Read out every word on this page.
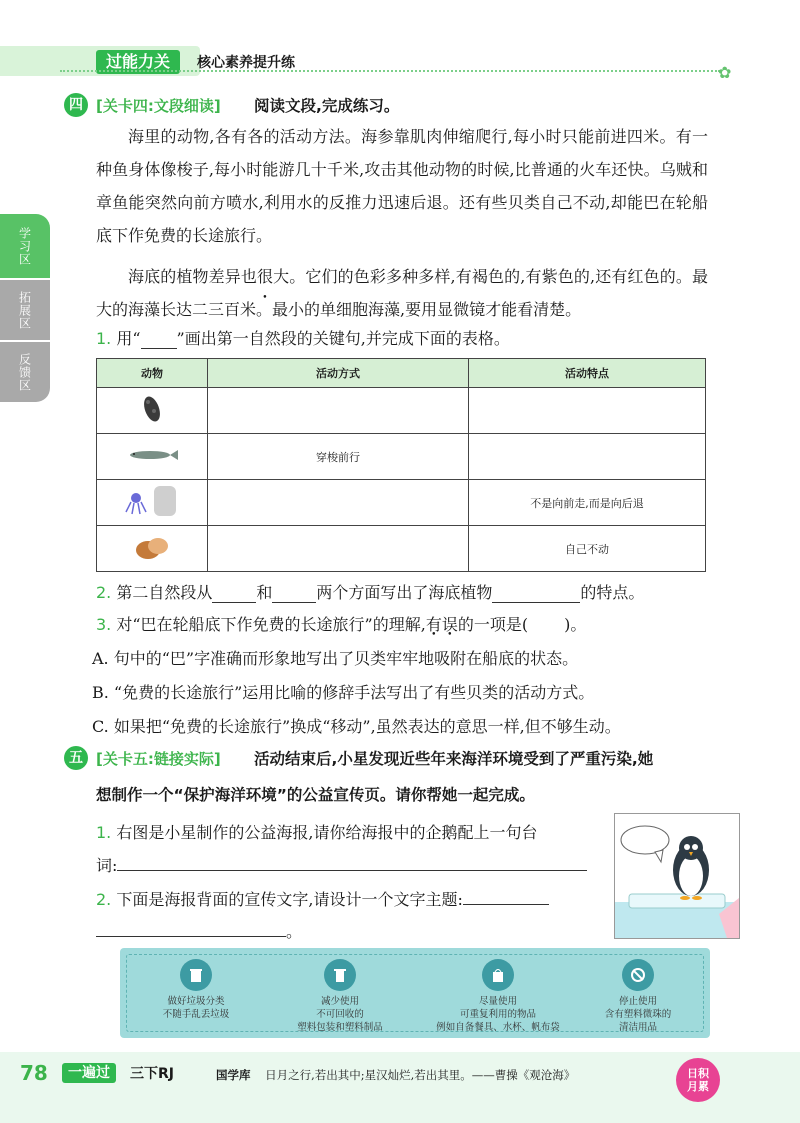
过能力关	核心素养提升练	✿
学习区
拓展区
反馈区
四 [关卡四:文段细读] 阅读文段,完成练习。

海里的动物,各有各的活动方法。海参靠肌肉伸缩爬行,每小时只能前进四米。有一种鱼身体像梭子,每小时能游几十千米,攻击其他动物的时候,比普通的火车还快。乌贼和章鱼能突然向前方喷水,利用水的反推力迅速后退。还有些贝类自己不动,却能巴在轮船底下作免费的长途旅行。

海底的植物差异也很大。它们的色彩多种多样,有褐色的,有紫色的,还有红色的。最大的海藻长达二三百米。最小的单细胞海藻,要用显微镜才能看清楚。

1. 用“ ”画出第一自然段的关键句,并完成下面的表格。
动物	活动方式	活动特点

	穿梭前行	
		不是向前走,而是向后退
		自己不动
2. 第二自然段从	和	两个方面写出了海底植物	的特点。
3. 对“巴在轮船底下作免费的长途旅行”的理解,有误的一项是( )。
A. 句中的“巴”字准确而形象地写出了贝类牢牢地吸附在船底的状态。
B. “免费的长途旅行”运用比喻的修辞手法写出了有些贝类的活动方式。
C. 如果把“免费的长途旅行”换成“移动”,虽然表达的意思一样,但不够生动。
五 [关卡五:链接实际] 活动结束后,小星发现近些年来海洋环境受到了严重污染,她
想制作一个“保护海洋环境”的公益宣传页。请你帮她一起完成。
1. 右图是小星制作的公益海报,请你给海报中的企鹅配上一句台
词:
2. 下面是海报背面的宣传文字,请设计一个文字主题:
。
做好垃圾分类
不随手乱丢垃圾
减少使用
不可回收的
塑料包装和塑料制品
尽量使用
可重复利用的物品
例如自备餐具、水杯、帆布袋
停止使用
含有塑料微珠的
清洁用品
78	一遍过	三下RJ	国学库 日月之行,若出其中;星汉灿烂,若出其里。——曹操《观沧海》	日积
月累
